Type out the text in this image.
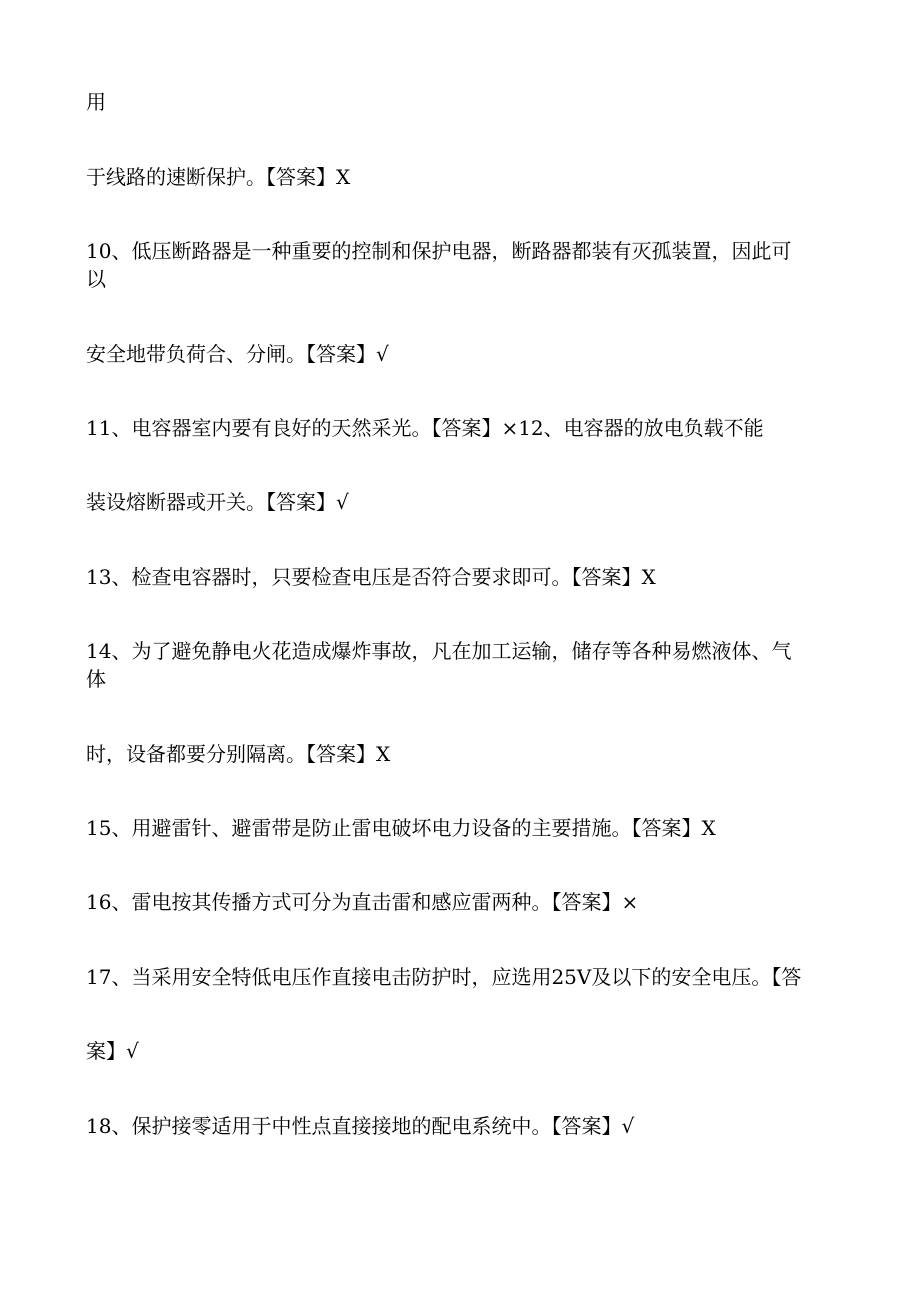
用
于线路的速断保护。【答案】X
10、低压断路器是一种重要的控制和保护电器，断路器都装有灭孤装置，因此可
以
安全地带负荷合、分闸。【答案】√
11、电容器室内要有良好的天然采光。【答案】×12、电容器的放电负载不能
装设熔断器或开关。【答案】√
13、检查电容器时，只要检查电压是否符合要求即可。【答案】X
14、为了避免静电火花造成爆炸事故，凡在加工运输，储存等各种易燃液体、气
体
时，设备都要分别隔离。【答案】X
15、用避雷针、避雷带是防止雷电破坏电力设备的主要措施。【答案】X
16、雷电按其传播方式可分为直击雷和感应雷两种。【答案】×
17、当采用安全特低电压作直接电击防护时，应选用25V及以下的安全电压。【答
案】√
18、保护接零适用于中性点直接接地的配电系统中。【答案】√
